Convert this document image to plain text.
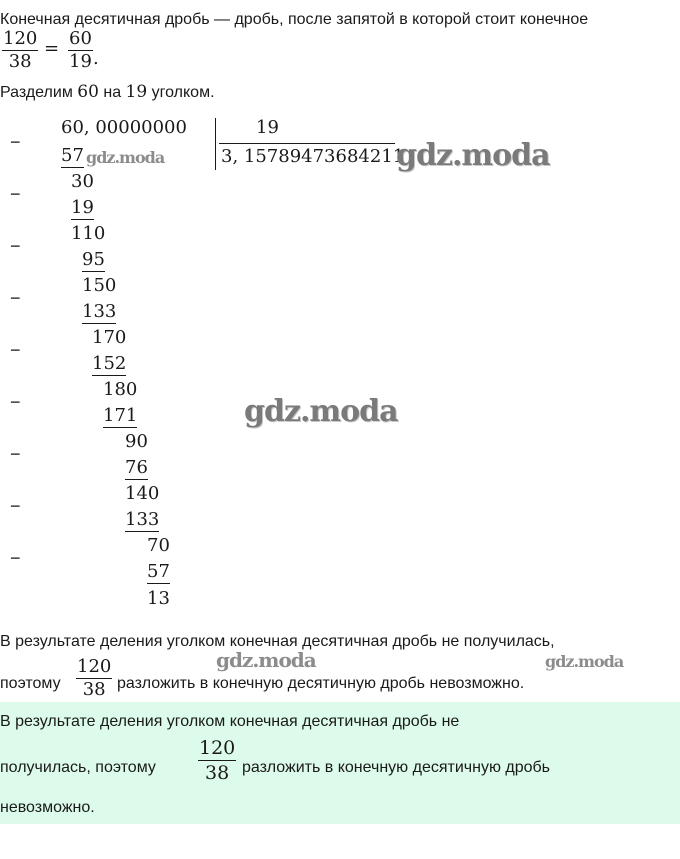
Конечная десятичная дробь — дробь, после запятой в которой стоит конечное
$\frac{120}{38} = \frac{60}{19}$ .
Разделим 60 на 19 уголком.
−
−
−
−
−
−
−
−
−
60, 00000000	19
3, 15789473684211
57
30
19
110
95
150
133
170
152
180
171
90
76
140
133
70
57
13
gdz.moda	gdz.moda
gdz.moda
gdz.moda	gdz.moda
В результате деления уголком конечная десятичная дробь не получилась,
поэтому $\frac{120}{38}$ разложить в конечную десятичную дробь невозможно.
В результате деления уголком конечная десятичная дробь не
получилась, поэтому $\frac{120}{38}$ разложить в конечную десятичную дробь
невозможно.
